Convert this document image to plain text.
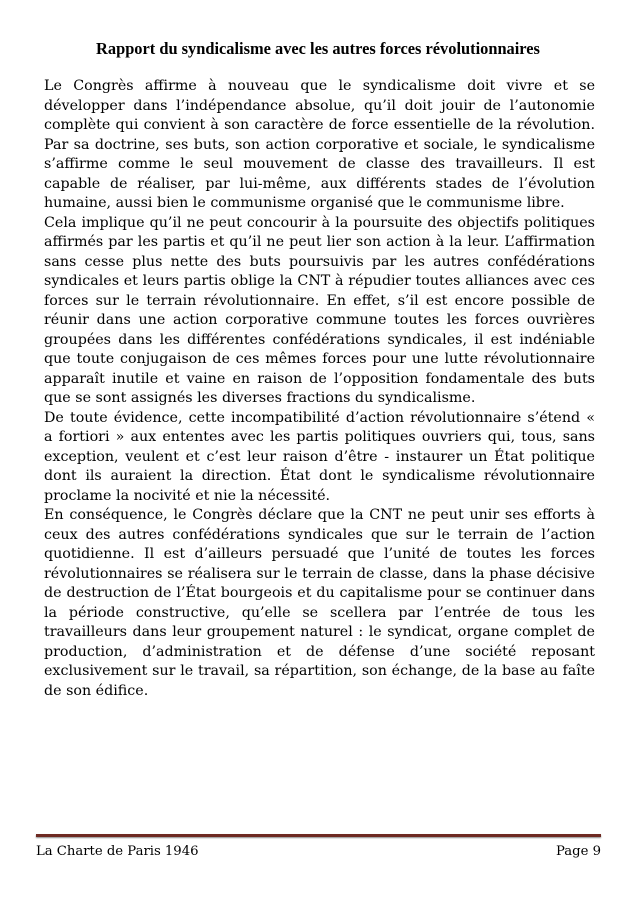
Rapport du syndicalisme avec les autres forces révolutionnaires

Le Congrès affirme à nouveau que le syndicalisme doit vivre et se développer dans l’indépendance absolue, qu’il doit jouir de l’autonomie complète qui convient à son caractère de force essentielle de la révolution. Par sa doctrine, ses buts, son action corporative et sociale, le syndicalisme s’affirme comme le seul mouvement de classe des travailleurs. Il est capable de réaliser, par lui-même, aux différents stades de l’évolution humaine, aussi bien le communisme organisé que le communisme libre.

Cela implique qu’il ne peut concourir à la poursuite des objectifs politiques affirmés par les partis et qu’il ne peut lier son action à la leur. L’affirmation sans cesse plus nette des buts poursuivis par les autres confédérations syndicales et leurs partis oblige la CNT à répudier toutes alliances avec ces forces sur le terrain révolutionnaire. En effet, s’il est encore possible de réunir dans une action corporative commune toutes les forces ouvrières groupées dans les différentes confédérations syndicales, il est indéniable que toute conjugaison de ces mêmes forces pour une lutte révolutionnaire apparaît inutile et vaine en raison de l’opposition fondamentale des buts que se sont assignés les diverses fractions du syndicalisme.

De toute évidence, cette incompatibilité d’action révolutionnaire s’étend « a fortiori » aux ententes avec les partis politiques ouvriers qui, tous, sans exception, veulent et c’est leur raison d’être - instaurer un État politique dont ils auraient la direction. État dont le syndicalisme révolutionnaire proclame la nocivité et nie la nécessité.

En conséquence, le Congrès déclare que la CNT ne peut unir ses efforts à ceux des autres confédérations syndicales que sur le terrain de l’action quotidienne. Il est d’ailleurs persuadé que l’unité de toutes les forces révolutionnaires se réalisera sur le terrain de classe, dans la phase décisive de destruction de l’État bourgeois et du capitalisme pour se continuer dans la période constructive, qu’elle se scellera par l’entrée de tous les travailleurs dans leur groupement naturel : le syndicat, organe complet de production, d’administration et de défense d’une société reposant exclusivement sur le travail, sa répartition, son échange, de la base au faîte de son édifice.

La Charte de Paris 1946	Page 9
